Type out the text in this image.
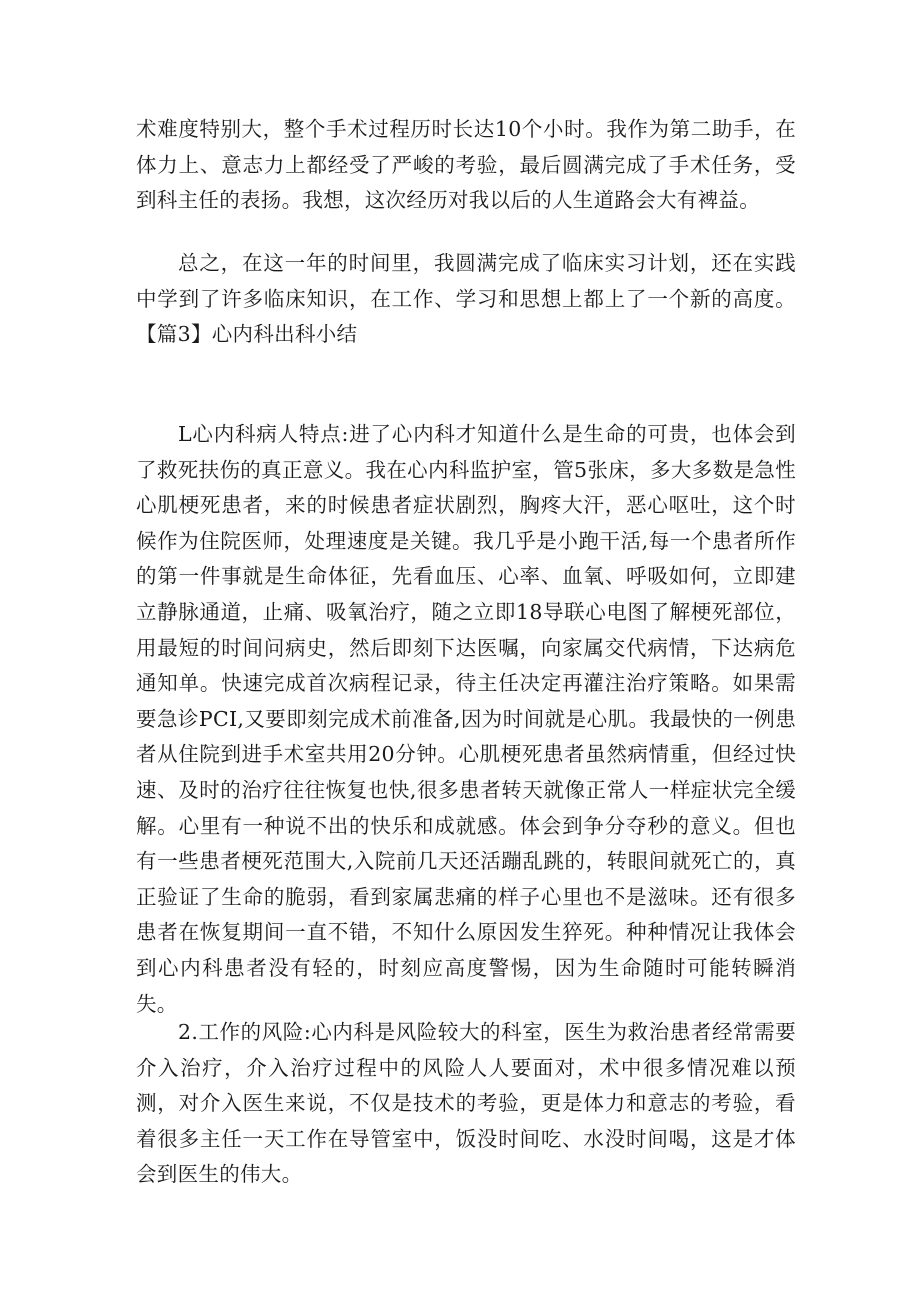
术难度特别大，整个手术过程历时长达10个小时。我作为第二助手，在体力上、意志力上都经受了严峻的考验，最后圆满完成了手术任务，受到科主任的表扬。我想，这次经历对我以后的人生道路会大有裨益。

总之，在这一年的时间里，我圆满完成了临床实习计划，还在实践中学到了许多临床知识，在工作、学习和思想上都上了一个新的高度。【篇3】心内科出科小结

L心内科病人特点:进了心内科才知道什么是生命的可贵，也体会到了救死扶伤的真正意义。我在心内科监护室，管5张床，多大多数是急性心肌梗死患者，来的时候患者症状剧烈，胸疼大汗，恶心呕吐，这个时候作为住院医师，处理速度是关键。我几乎是小跑干活,每一个患者所作的第一件事就是生命体征，先看血压、心率、血氧、呼吸如何，立即建立静脉通道，止痛、吸氧治疗，随之立即18导联心电图了解梗死部位，用最短的时间问病史，然后即刻下达医嘱，向家属交代病情，下达病危通知单。快速完成首次病程记录，待主任决定再灌注治疗策略。如果需要急诊PCI,又要即刻完成术前准备,因为时间就是心肌。我最快的一例患者从住院到进手术室共用20分钟。心肌梗死患者虽然病情重，但经过快速、及时的治疗往往恢复也快,很多患者转天就像正常人一样症状完全缓解。心里有一种说不出的快乐和成就感。体会到争分夺秒的意义。但也有一些患者梗死范围大,入院前几天还活蹦乱跳的，转眼间就死亡的，真正验证了生命的脆弱，看到家属悲痛的样子心里也不是滋味。还有很多患者在恢复期间一直不错，不知什么原因发生猝死。种种情况让我体会到心内科患者没有轻的，时刻应高度警惕，因为生命随时可能转瞬消失。

2.工作的风险:心内科是风险较大的科室，医生为救治患者经常需要介入治疗，介入治疗过程中的风险人人要面对，术中很多情况难以预测，对介入医生来说，不仅是技术的考验，更是体力和意志的考验，看着很多主任一天工作在导管室中，饭没时间吃、水没时间喝，这是才体会到医生的伟大。
